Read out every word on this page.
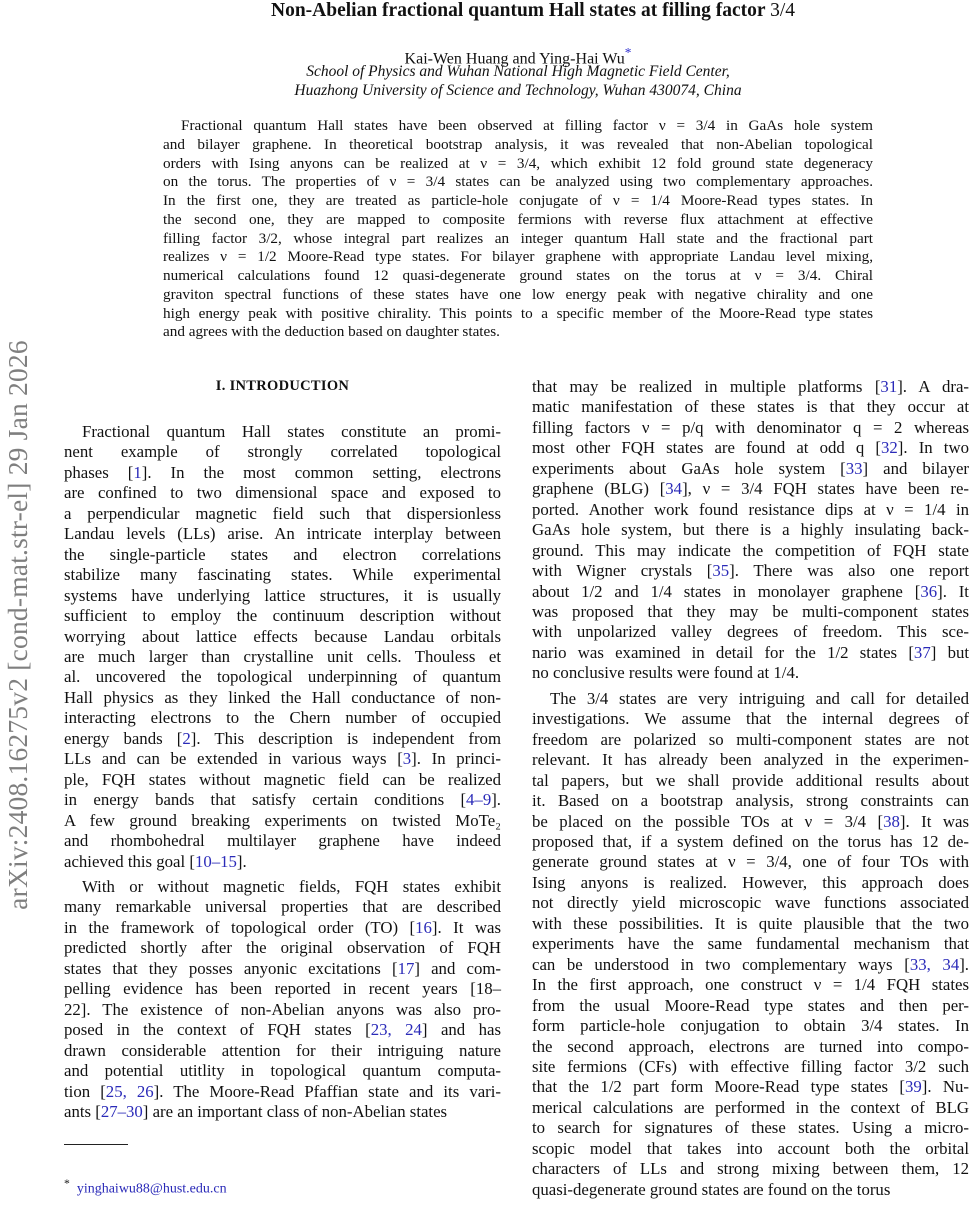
arXiv:2408.16275v2 [cond-mat.str-el] 29 Jan 2026
Non-Abelian fractional quantum Hall states at filling factor 3/4
Kai-Wen Huang and Ying-Hai Wu*
School of Physics and Wuhan National High Magnetic Field Center,
Huazhong University of Science and Technology, Wuhan 430074, China
Fractional quantum Hall states have been observed at filling factor ν = 3/4 in GaAs hole system
and bilayer graphene. In theoretical bootstrap analysis, it was revealed that non-Abelian topological
orders with Ising anyons can be realized at ν = 3/4, which exhibit 12 fold ground state degeneracy
on the torus. The properties of ν = 3/4 states can be analyzed using two complementary approaches.
In the first one, they are treated as particle-hole conjugate of ν = 1/4 Moore-Read types states. In
the second one, they are mapped to composite fermions with reverse flux attachment at effective
filling factor 3/2, whose integral part realizes an integer quantum Hall state and the fractional part
realizes ν = 1/2 Moore-Read type states. For bilayer graphene with appropriate Landau level mixing,
numerical calculations found 12 quasi-degenerate ground states on the torus at ν = 3/4. Chiral
graviton spectral functions of these states have one low energy peak with negative chirality and one
high energy peak with positive chirality. This points to a specific member of the Moore-Read type states
and agrees with the deduction based on daughter states.
I. INTRODUCTION
Fractional quantum Hall states constitute an promi-
nent example of strongly correlated topological
phases [1]. In the most common setting, electrons
are confined to two dimensional space and exposed to
a perpendicular magnetic field such that dispersionless
Landau levels (LLs) arise. An intricate interplay between
the single-particle states and electron correlations
stabilize many fascinating states. While experimental
systems have underlying lattice structures, it is usually
sufficient to employ the continuum description without
worrying about lattice effects because Landau orbitals
are much larger than crystalline unit cells. Thouless et
al. uncovered the topological underpinning of quantum
Hall physics as they linked the Hall conductance of non-
interacting electrons to the Chern number of occupied
energy bands [2]. This description is independent from
LLs and can be extended in various ways [3]. In princi-
ple, FQH states without magnetic field can be realized
in energy bands that satisfy certain conditions [4–9].
A few ground breaking experiments on twisted MoTe₂
and rhombohedral multilayer graphene have indeed
achieved this goal [10–15].
With or without magnetic fields, FQH states exhibit
many remarkable universal properties that are described
in the framework of topological order (TO) [16]. It was
predicted shortly after the original observation of FQH
states that they posses anyonic excitations [17] and com-
pelling evidence has been reported in recent years [18–
22]. The existence of non-Abelian anyons was also pro-
posed in the context of FQH states [23, 24] and has
drawn considerable attention for their intriguing nature
and potential utitlity in topological quantum computa-
tion [25, 26]. The Moore-Read Pfaffian state and its vari-
ants [27–30] are an important class of non-Abelian states
that may be realized in multiple platforms [31]. A dra-
matic manifestation of these states is that they occur at
filling factors ν = p/q with denominator q = 2 whereas
most other FQH states are found at odd q [32]. In two
experiments about GaAs hole system [33] and bilayer
graphene (BLG) [34], ν = 3/4 FQH states have been re-
ported. Another work found resistance dips at ν = 1/4 in
GaAs hole system, but there is a highly insulating back-
ground. This may indicate the competition of FQH state
with Wigner crystals [35]. There was also one report
about 1/2 and 1/4 states in monolayer graphene [36]. It
was proposed that they may be multi-component states
with unpolarized valley degrees of freedom. This sce-
nario was examined in detail for the 1/2 states [37] but
no conclusive results were found at 1/4.
The 3/4 states are very intriguing and call for detailed
investigations. We assume that the internal degrees of
freedom are polarized so multi-component states are not
relevant. It has already been analyzed in the experimen-
tal papers, but we shall provide additional results about
it. Based on a bootstrap analysis, strong constraints can
be placed on the possible TOs at ν = 3/4 [38]. It was
proposed that, if a system defined on the torus has 12 de-
generate ground states at ν = 3/4, one of four TOs with
Ising anyons is realized. However, this approach does
not directly yield microscopic wave functions associated
with these possibilities. It is quite plausible that the two
experiments have the same fundamental mechanism that
can be understood in two complementary ways [33, 34].
In the first approach, one construct ν = 1/4 FQH states
from the usual Moore-Read type states and then per-
form particle-hole conjugation to obtain 3/4 states. In
the second approach, electrons are turned into compo-
site fermions (CFs) with effective filling factor 3/2 such
that the 1/2 part form Moore-Read type states [39]. Nu-
merical calculations are performed in the context of BLG
to search for signatures of these states. Using a micro-
scopic model that takes into account both the orbital
characters of LLs and strong mixing between them, 12
quasi-degenerate ground states are found on the torus
* yinghaiwu88@hust.edu.cn
